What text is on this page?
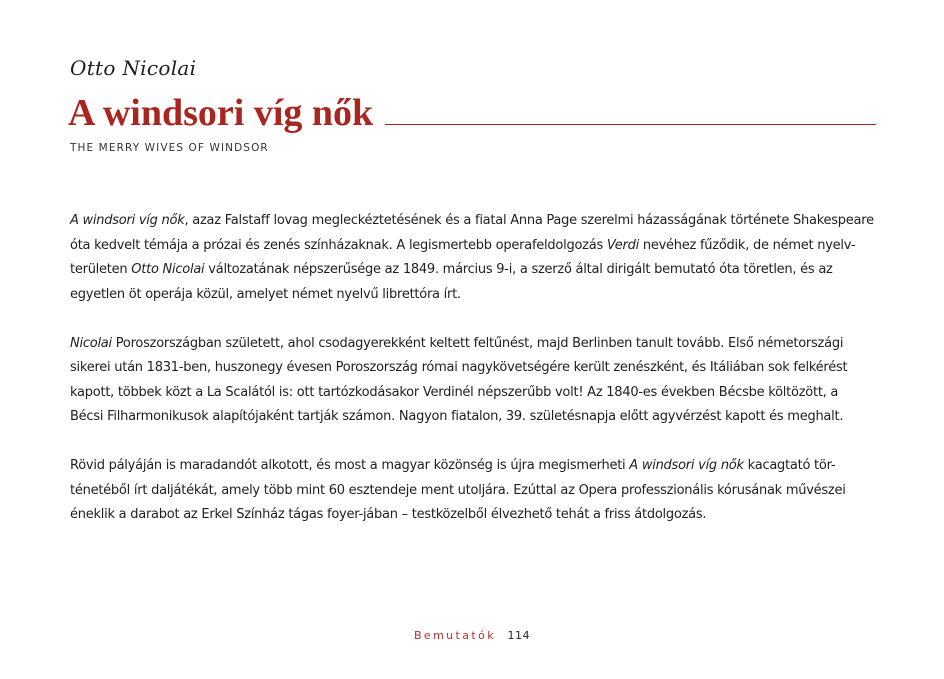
Otto Nicolai

A windsori víg nők

THE MERRY WIVES OF WINDSOR

A windsori víg nők, azaz Falstaff lovag megleckéztetésének és a fiatal Anna Page szerelmi házasságának története Shakespeare
óta kedvelt témája a prózai és zenés színházaknak. A legismertebb operafeldolgozás Verdi nevéhez fűződik, de német nyelv-
területen Otto Nicolai változatának népszerűsége az 1849. március 9-i, a szerző által dirigált bemutató óta töretlen, és az
egyetlen öt operája közül, amelyet német nyelvű librettóra írt.

Nicolai Poroszországban született, ahol csodagyerekként keltett feltűnést, majd Berlinben tanult tovább. Első németországi
sikerei után 1831-ben, huszonegy évesen Poroszország római nagykövetségére került zenészként, és Itáliában sok felkérést
kapott, többek közt a La Scalától is: ott tartózkodásakor Verdinél népszerűbb volt! Az 1840-es években Bécsbe költözött, a
Bécsi Filharmonikusok alapítójaként tartják számon. Nagyon fiatalon, 39. születésnapja előtt agyvérzést kapott és meghalt.

Rövid pályáján is maradandót alkotott, és most a magyar közönség is újra megismerheti A windsori víg nők kacagtató tör-
ténetéből írt daljátékát, amely több mint 60 esztendeje ment utoljára. Ezúttal az Opera professzionális kórusának művészei
éneklik a darabot az Erkel Színház tágas foyer-jában – testközelből élvezhető tehát a friss átdolgozás.

Bemutatók 114
